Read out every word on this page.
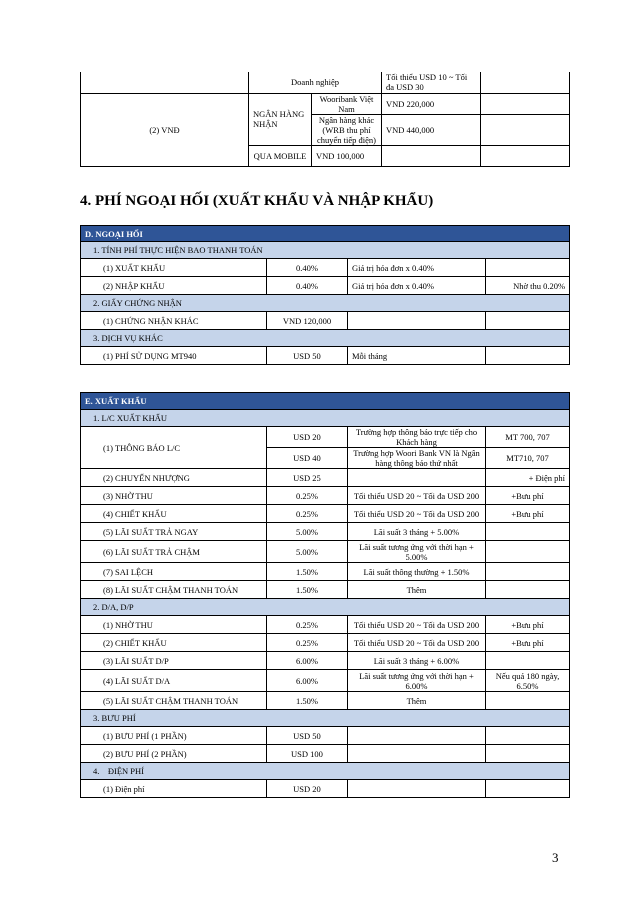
	Doanh nghiệp		Tối thiểu USD 10 ~ Tối đa USD 30	
(2) VNĐ	NGÂN HÀNG NHẬN	Wooribank Việt Nam	VND 220,000	
		Ngân hàng khác (WRB thu phí chuyển tiếp điện)	VND 440,000	
	QUA MOBILE	VND 100,000		
4. PHÍ NGOẠI HỐI (XUẤT KHẨU VÀ NHẬP KHẨU)
D. NGOẠI HỐI			
1. TÍNH PHÍ THỰC HIỆN BAO THANH TOÁN			
(1) XUẤT KHẨU	0.40%	Giá trị hóa đơn x 0.40%	
(2) NHẬP KHẨU	0.40%	Giá trị hóa đơn x 0.40%	Nhờ thu 0.20%
2. GIẤY CHỨNG NHẬN			
(1) CHỨNG NHẬN KHÁC	VND 120,000		
3. DỊCH VỤ KHÁC			
(1) PHÍ SỬ DỤNG MT940	USD 50	Mỗi tháng	
E. XUẤT KHẨU			
1. L/C XUẤT KHẨU			
(1) THÔNG BÁO L/C	USD 20	Trường hợp thông báo trực tiếp cho Khách hàng	MT 700, 707
	USD 40	Trường hợp Woori Bank VN là Ngân hàng thông báo thứ nhất	MT710, 707
(2) CHUYỂN NHƯỢNG	USD 25		+ Điện phí
(3) NHỜ THU	0.25%	Tối thiểu USD 20 ~ Tối đa USD 200	+Bưu phí
(4) CHIẾT KHẤU	0.25%	Tối thiểu USD 20 ~ Tối đa USD 200	+Bưu phí
(5) LÃI SUẤT TRẢ NGAY	5.00%	Lãi suất 3 tháng + 5.00%	
(6) LÃI SUẤT TRẢ CHẬM	5.00%	Lãi suất tương ứng với thời hạn + 5.00%	
(7) SAI LỆCH	1.50%	Lãi suất thông thường + 1.50%	
(8) LÃI SUẤT CHẬM THANH TOÁN	1.50%	Thêm	
2. D/A, D/P			
(1) NHỜ THU	0.25%	Tối thiểu USD 20 ~ Tối đa USD 200	+Bưu phí
(2) CHIẾT KHẤU	0.25%	Tối thiểu USD 20 ~ Tối đa USD 200	+Bưu phí
(3) LÃI SUẤT D/P	6.00%	Lãi suất 3 tháng + 6.00%	
(4) LÃI SUẤT D/A	6.00%	Lãi suất tương ứng với thời hạn + 6.00%	Nếu quá 180 ngày, 6.50%
(5) LÃI SUẤT CHẬM THANH TOÁN	1.50%	Thêm	
3. BƯU PHÍ			
(1) BƯU PHÍ (1 PHẦN)	USD 50		
(2) BƯU PHÍ (2 PHẦN)	USD 100		
4.    ĐIỆN PHÍ			
(1) Điện phí	USD 20		
3
